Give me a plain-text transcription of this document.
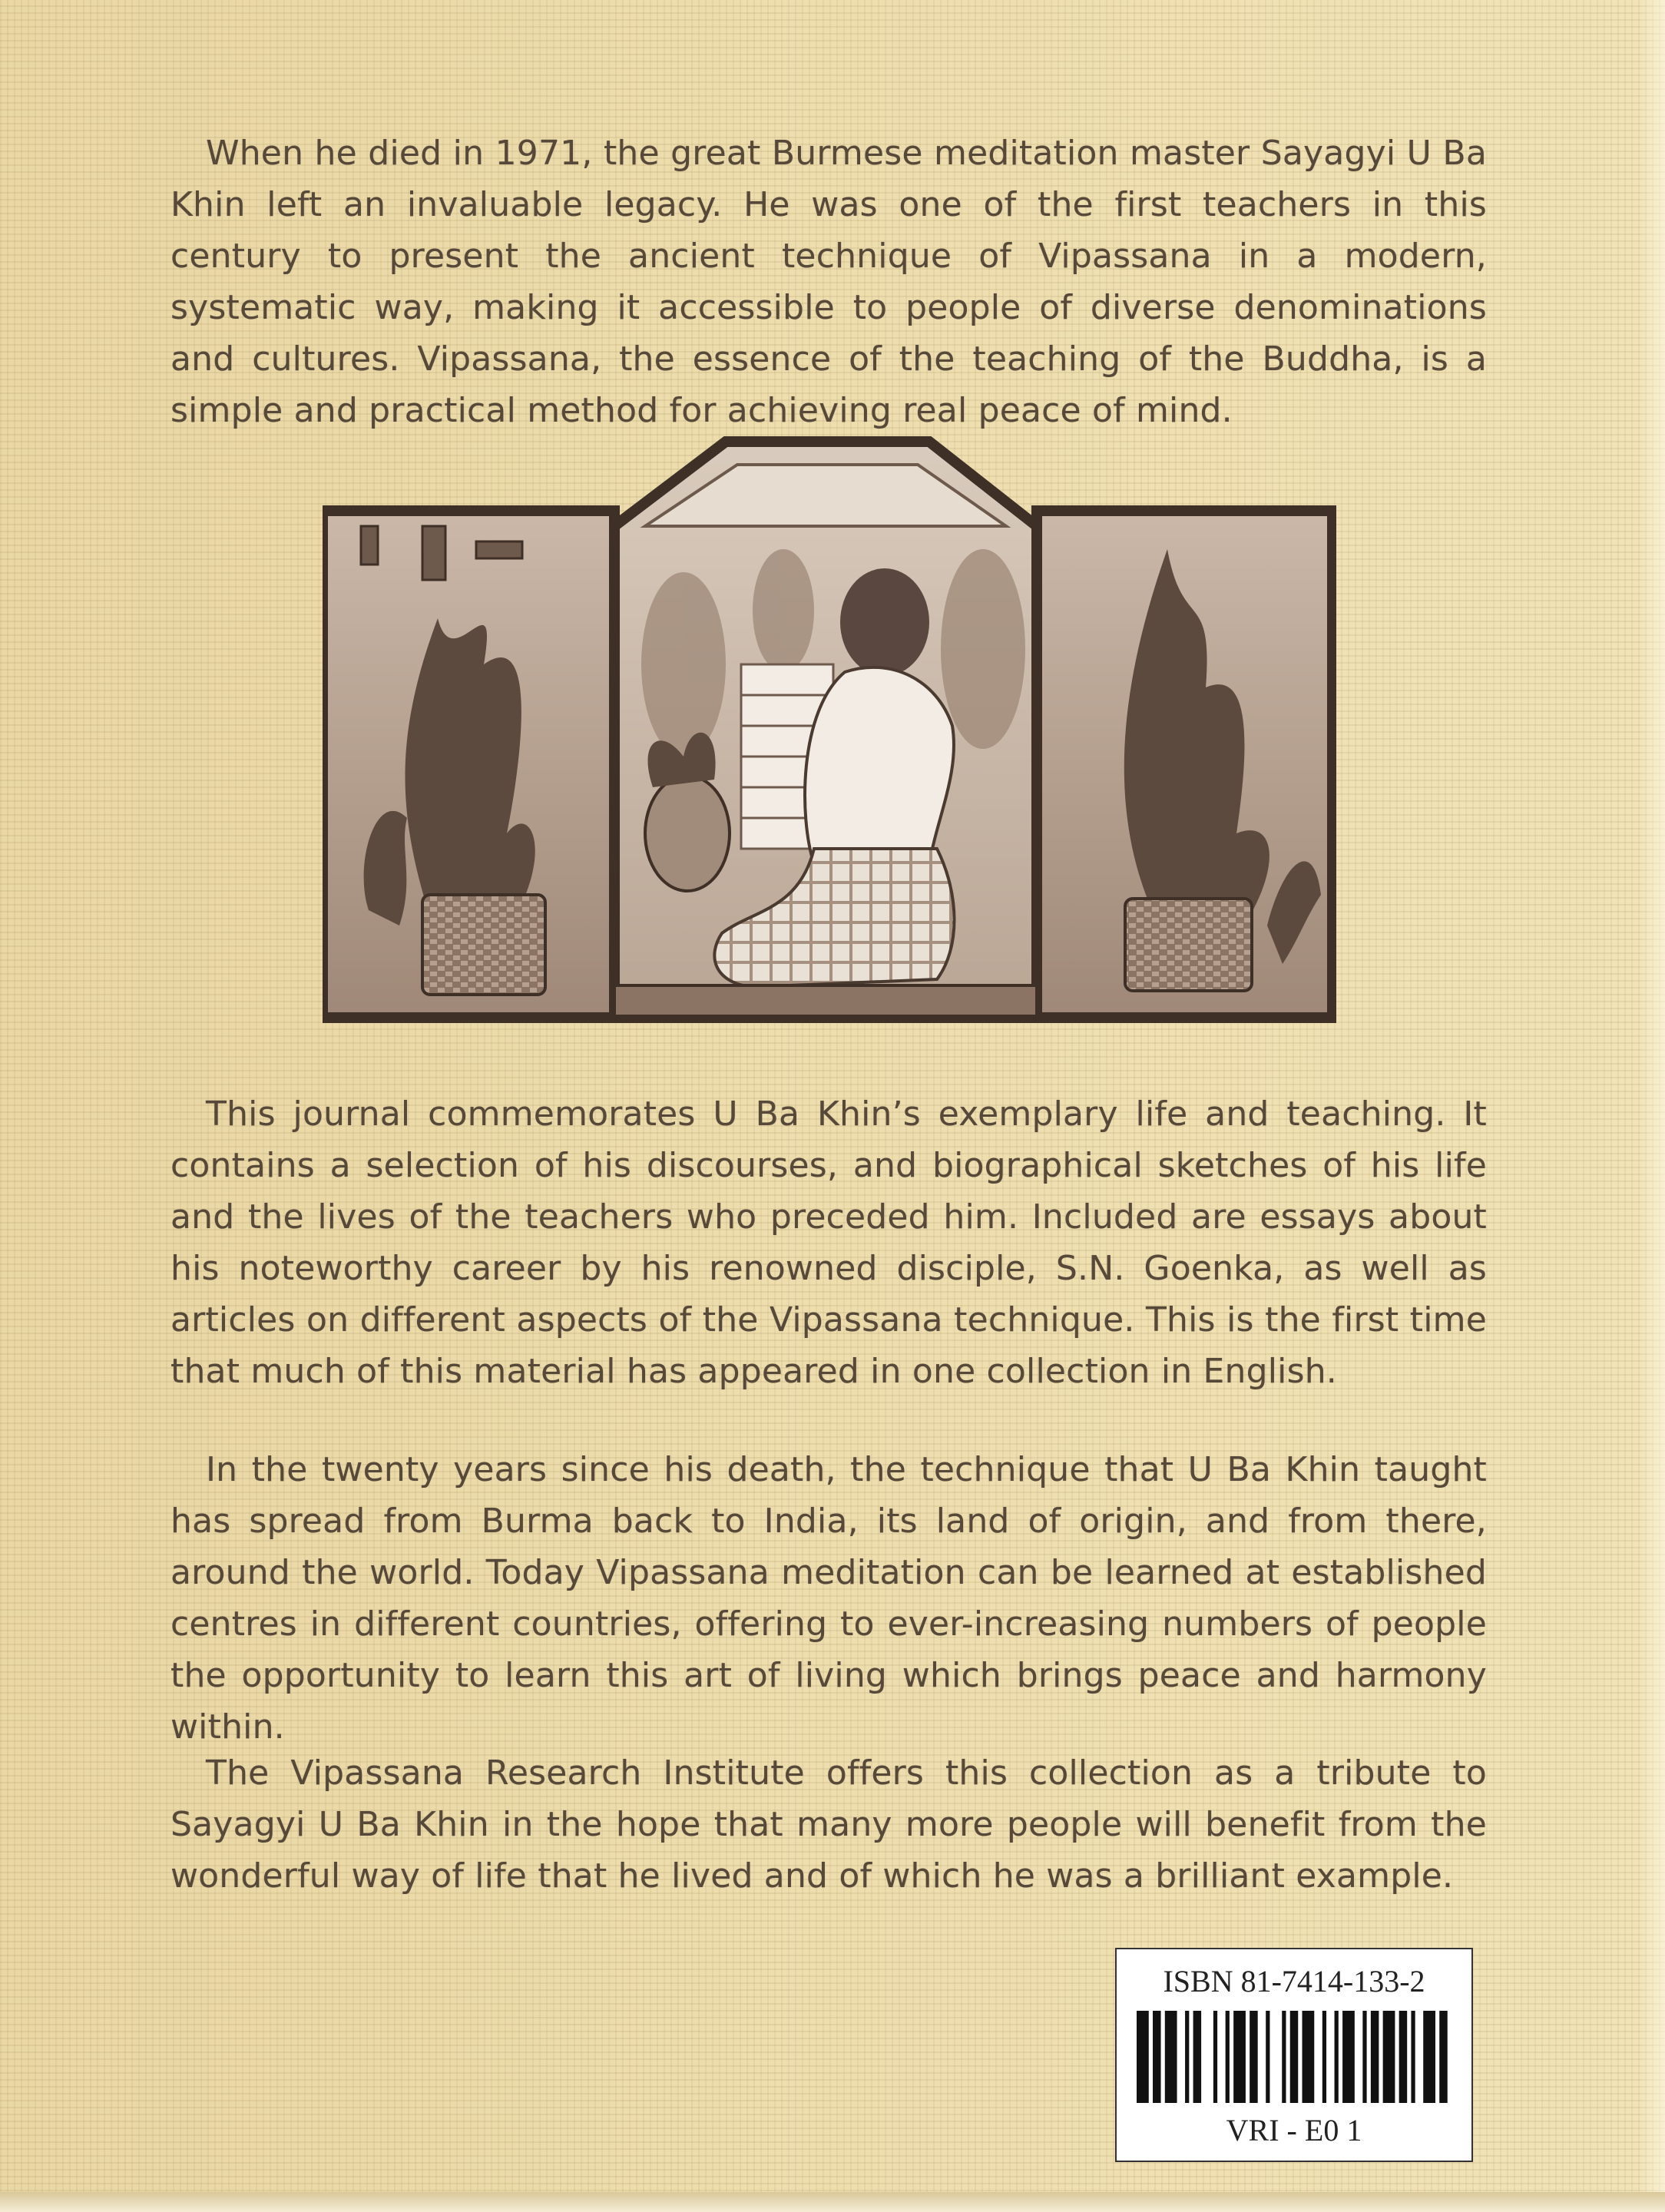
When he died in 1971, the great Burmese meditation master Sayagyi U Ba Khin left an invaluable legacy. He was one of the first teachers in this century to present the ancient technique of Vipassana in a modern, systematic way, making it accessible to people of diverse denominations and cultures. Vipassana, the essence of the teaching of the Buddha, is a simple and practical method for achieving real peace of mind.

This journal commemorates U Ba Khin’s exemplary life and teaching. It contains a selection of his discourses, and biographical sketches of his life and the lives of the teachers who preceded him. Included are essays about his noteworthy career by his renowned disciple, S.N. Goenka, as well as articles on different aspects of the Vipassana technique. This is the first time that much of this material has appeared in one collection in English.

In the twenty years since his death, the technique that U Ba Khin taught has spread from Burma back to India, its land of origin, and from there, around the world. Today Vipassana meditation can be learned at established centres in different countries, offering to ever-increasing numbers of people the opportunity to learn this art of living which brings peace and harmony within.

The Vipassana Research Institute offers this collection as a tribute to Sayagyi U Ba Khin in the hope that many more people will benefit from the wonderful way of life that he lived and of which he was a brilliant example.

ISBN 81-7414-133-2
VRI - E0 1
